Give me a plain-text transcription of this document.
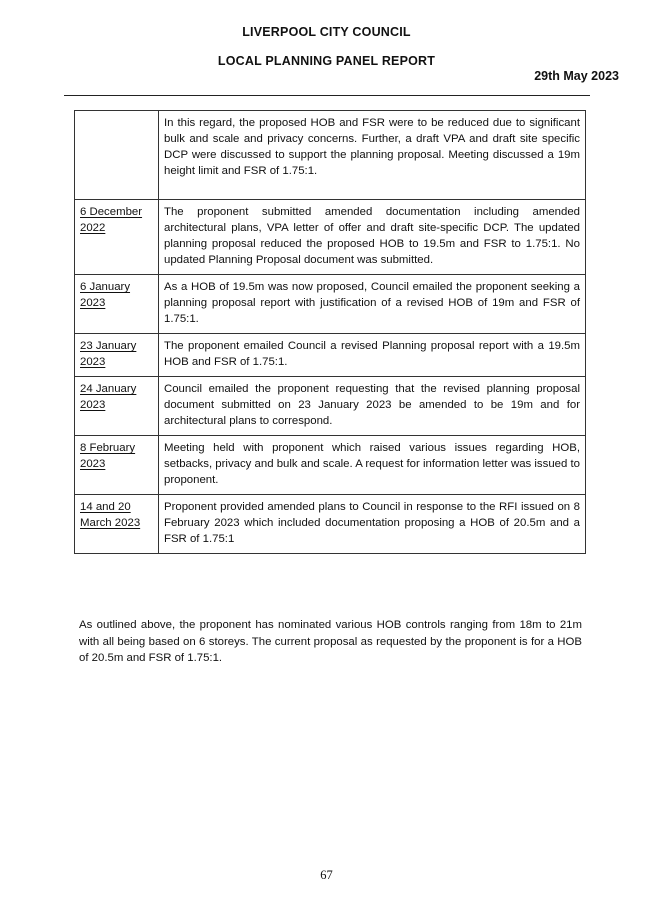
LIVERPOOL CITY COUNCIL
LOCAL PLANNING PANEL REPORT
29th May 2023
	In this regard, the proposed HOB and FSR were to be reduced due to significant bulk and scale and privacy concerns. Further, a draft VPA and draft site specific DCP were discussed to support the planning proposal. Meeting discussed a 19m height limit and FSR of 1.75:1.
6 December 2022	The proponent submitted amended documentation including amended architectural plans, VPA letter of offer and draft site-specific DCP. The updated planning proposal reduced the proposed HOB to 19.5m and FSR to 1.75:1. No updated Planning Proposal document was submitted.
6 January 2023	As a HOB of 19.5m was now proposed, Council emailed the proponent seeking a planning proposal report with justification of a revised HOB of 19m and FSR of 1.75:1.
23 January 2023	The proponent emailed Council a revised Planning proposal report with a 19.5m HOB and FSR of 1.75:1.
24 January 2023	Council emailed the proponent requesting that the revised planning proposal document submitted on 23 January 2023 be amended to be 19m and for architectural plans to correspond.
8 February 2023	Meeting held with proponent which raised various issues regarding HOB, setbacks, privacy and bulk and scale. A request for information letter was issued to proponent.
14 and 20 March 2023	Proponent provided amended plans to Council in response to the RFI issued on 8 February 2023 which included documentation proposing a HOB of 20.5m and a FSR of 1.75:1

As outlined above, the proponent has nominated various HOB controls ranging from 18m to 21m with all being based on 6 storeys. The current proposal as requested by the proponent is for a HOB of 20.5m and FSR of 1.75:1.

67
